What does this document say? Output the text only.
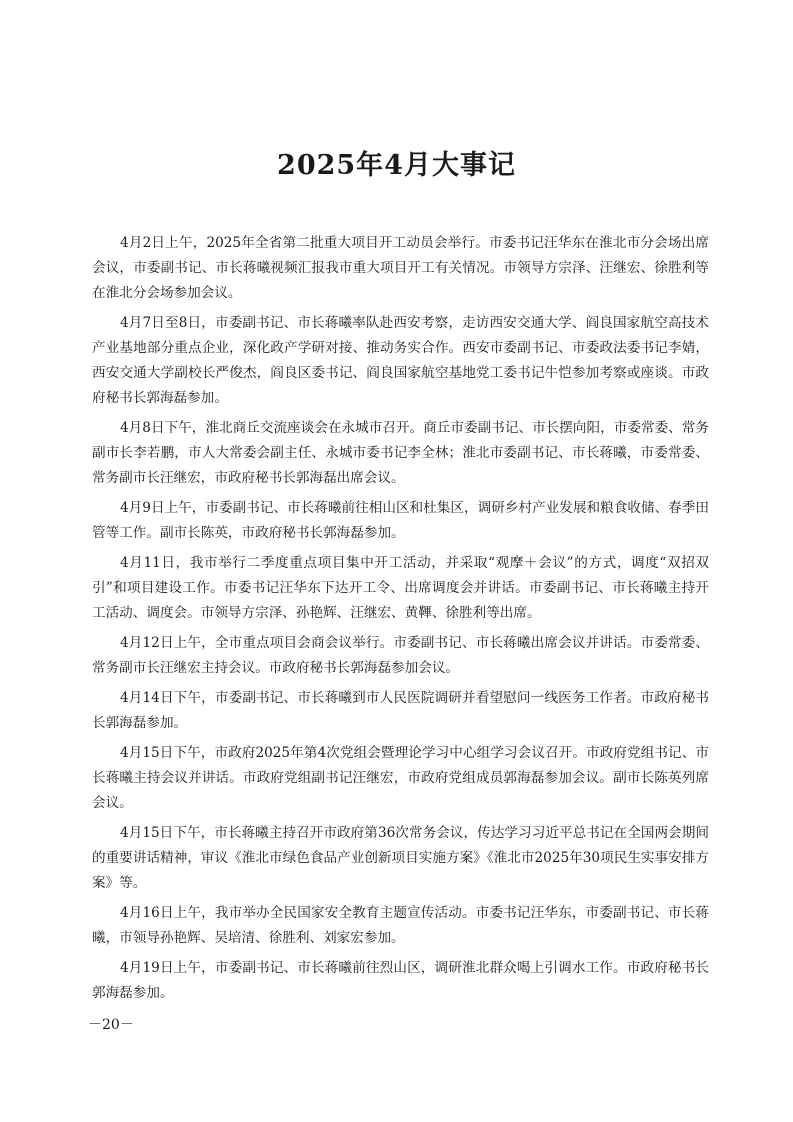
2025年4月大事记

4月2日上午，2025年全省第二批重大项目开工动员会举行。市委书记汪华东在淮北市分会场出席会议，市委副书记、市长蒋曦视频汇报我市重大项目开工有关情况。市领导方宗泽、汪继宏、徐胜利等在淮北分会场参加会议。

4月7日至8日，市委副书记、市长蒋曦率队赴西安考察，走访西安交通大学、阎良国家航空高技术产业基地部分重点企业，深化政产学研对接、推动务实合作。西安市委副书记、市委政法委书记李婧，西安交通大学副校长严俊杰，阎良区委书记、阎良国家航空基地党工委书记牛恺参加考察或座谈。市政府秘书长郭海磊参加。

4月8日下午，淮北商丘交流座谈会在永城市召开。商丘市委副书记、市长摆向阳，市委常委、常务副市长李若鹏，市人大常委会副主任、永城市委书记李全林；淮北市委副书记、市长蒋曦，市委常委、常务副市长汪继宏，市政府秘书长郭海磊出席会议。

4月9日上午，市委副书记、市长蒋曦前往相山区和杜集区，调研乡村产业发展和粮食收储、春季田管等工作。副市长陈英，市政府秘书长郭海磊参加。

4月11日，我市举行二季度重点项目集中开工活动，并采取“观摩＋会议”的方式，调度“双招双引”和项目建设工作。市委书记汪华东下达开工令、出席调度会并讲话。市委副书记、市长蒋曦主持开工活动、调度会。市领导方宗泽、孙艳辉、汪继宏、黄鞸、徐胜利等出席。

4月12日上午，全市重点项目会商会议举行。市委副书记、市长蒋曦出席会议并讲话。市委常委、常务副市长汪继宏主持会议。市政府秘书长郭海磊参加会议。

4月14日下午，市委副书记、市长蒋曦到市人民医院调研并看望慰问一线医务工作者。市政府秘书长郭海磊参加。

4月15日下午，市政府2025年第4次党组会暨理论学习中心组学习会议召开。市政府党组书记、市长蒋曦主持会议并讲话。市政府党组副书记汪继宏，市政府党组成员郭海磊参加会议。副市长陈英列席会议。

4月15日下午，市长蒋曦主持召开市政府第36次常务会议，传达学习习近平总书记在全国两会期间的重要讲话精神，审议《淮北市绿色食品产业创新项目实施方案》《淮北市2025年30项民生实事安排方案》等。

4月16日上午，我市举办全民国家安全教育主题宣传活动。市委书记汪华东，市委副书记、市长蒋曦，市领导孙艳辉、吴培清、徐胜利、刘家宏参加。

4月19日上午，市委副书记、市长蒋曦前往烈山区，调研淮北群众喝上引调水工作。市政府秘书长郭海磊参加。

－20－
